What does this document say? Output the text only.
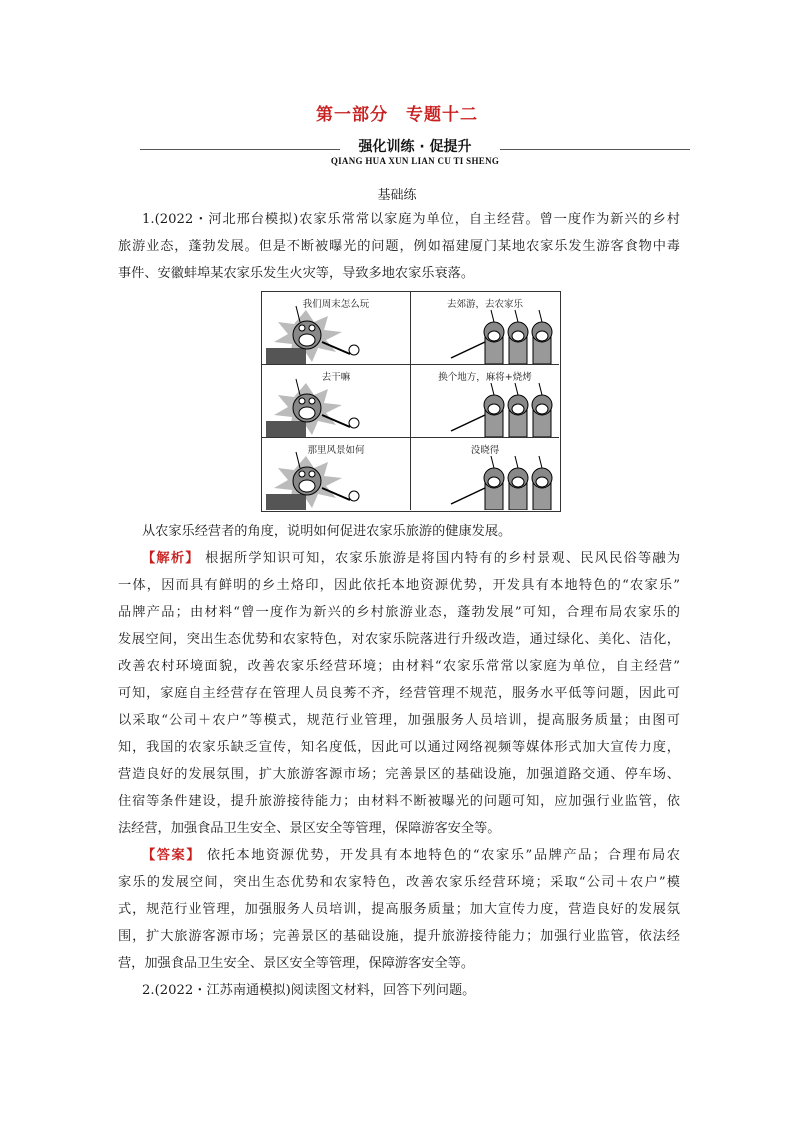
第一部分　专题十二
强化训练 · 促提升
QIANG HUA XUN LIAN CU TI SHENG
基础练
1.(2022・河北邢台模拟)农家乐常常以家庭为单位，自主经营。曾一度作为新兴的乡村
旅游业态，蓬勃发展。但是不断被曝光的问题，例如福建厦门某地农家乐发生游客食物中毒
事件、安徽蚌埠某农家乐发生火灾等，导致多地农家乐衰落。
我们周末怎么玩	去郊游，去农家乐
去干嘛	换个地方，麻将+烧烤
那里风景如何	没晓得
从农家乐经营者的角度，说明如何促进农家乐旅游的健康发展。
【解析】 根据所学知识可知，农家乐旅游是将国内特有的乡村景观、民风民俗等融为
一体，因而具有鲜明的乡土烙印，因此依托本地资源优势，开发具有本地特色的“农家乐”
品牌产品；由材料“曾一度作为新兴的乡村旅游业态，蓬勃发展”可知，合理布局农家乐的
发展空间，突出生态优势和农家特色，对农家乐院落进行升级改造，通过绿化、美化、洁化，
改善农村环境面貌，改善农家乐经营环境；由材料“农家乐常常以家庭为单位，自主经营”
可知，家庭自主经营存在管理人员良莠不齐，经营管理不规范，服务水平低等问题，因此可
以采取“公司＋农户”等模式，规范行业管理，加强服务人员培训，提高服务质量；由图可
知，我国的农家乐缺乏宣传，知名度低，因此可以通过网络视频等媒体形式加大宣传力度，
营造良好的发展氛围，扩大旅游客源市场；完善景区的基础设施，加强道路交通、停车场、
住宿等条件建设，提升旅游接待能力；由材料不断被曝光的问题可知，应加强行业监管，依
法经营，加强食品卫生安全、景区安全等管理，保障游客安全等。
【答案】 依托本地资源优势，开发具有本地特色的“农家乐”品牌产品；合理布局农
家乐的发展空间，突出生态优势和农家特色，改善农家乐经营环境；采取“公司＋农户”模
式，规范行业管理，加强服务人员培训，提高服务质量；加大宣传力度，营造良好的发展氛
围，扩大旅游客源市场；完善景区的基础设施，提升旅游接待能力；加强行业监管，依法经
营，加强食品卫生安全、景区安全等管理，保障游客安全等。
2.(2022・江苏南通模拟)阅读图文材料，回答下列问题。
